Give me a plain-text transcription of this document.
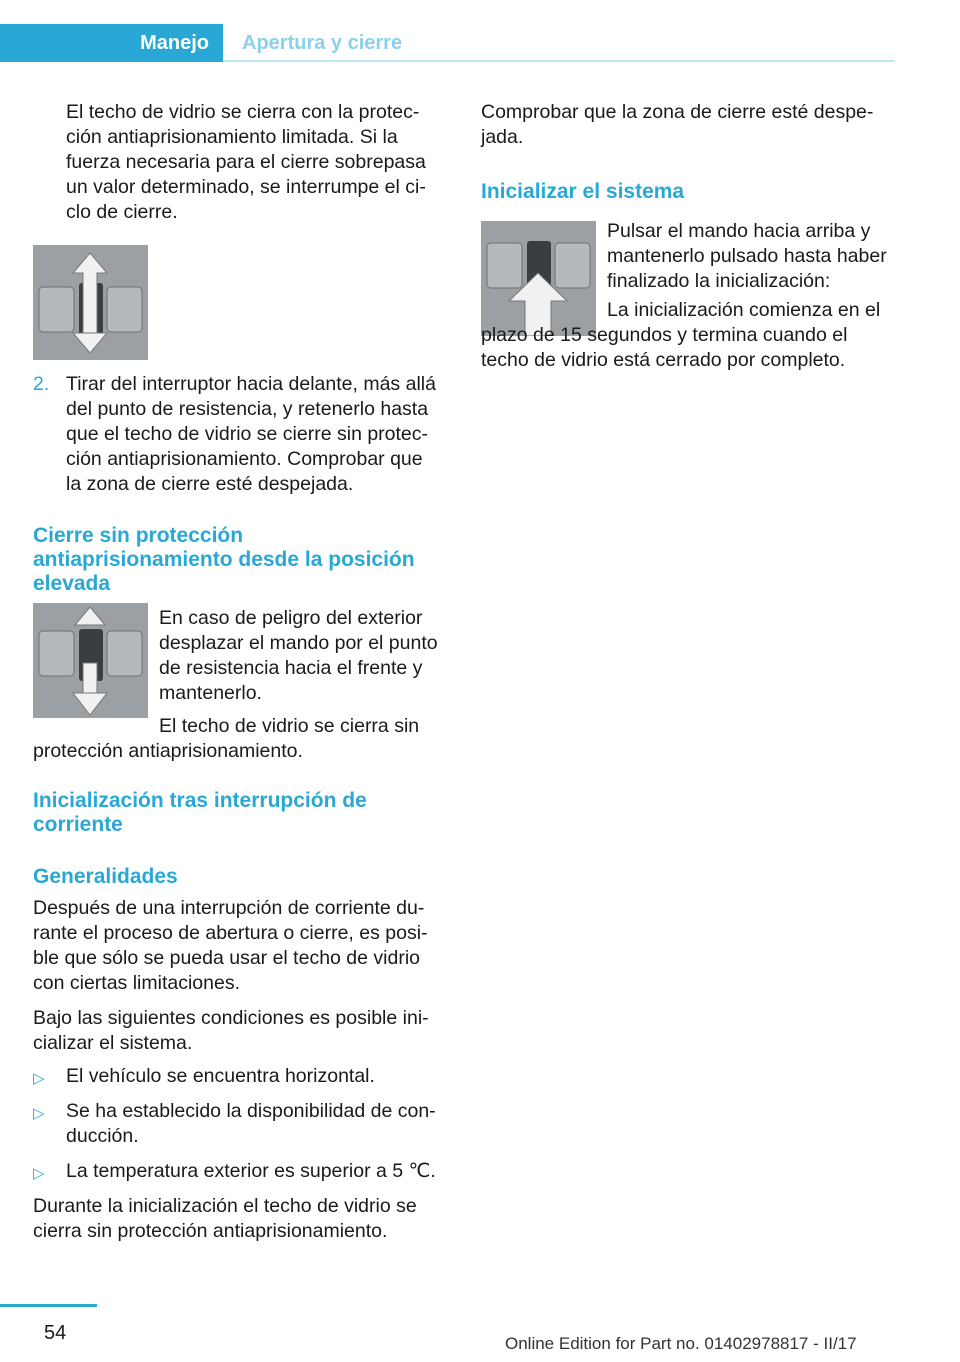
Manejo	Apertura y cierre

El techo de vidrio se cierra con la protec‐ción antiaprisionamiento limitada. Si la fuerza necesaria para el cierre sobrepasa un valor determinado, se interrumpe el ci‐clo de cierre.

2. Tirar del interruptor hacia delante, más allá del punto de resistencia, y retenerlo hasta que el techo de vidrio se cierre sin protec‐ción antiaprisionamiento. Comprobar que la zona de cierre esté despejada.

Cierre sin protección antiaprisionamiento desde la posición elevada

En caso de peligro del exterior desplazar el mando por el punto de resistencia hacia el frente y mantenerlo.

El techo de vidrio se cierra sin protección antiaprisionamiento.

Inicialización tras interrupción de corriente
Generalidades

Después de una interrupción de corriente du‐rante el proceso de abertura o cierre, es posi‐ble que sólo se pueda usar el techo de vidrio con ciertas limitaciones.

Bajo las siguientes condiciones es posible ini‐cializar el sistema.

▷	El vehículo se encuentra horizontal.

▷	Se ha establecido la disponibilidad de con‐ducción.

▷	La temperatura exterior es superior a 5 ℃.

Durante la inicialización el techo de vidrio se cierra sin protección antiaprisionamiento.

Comprobar que la zona de cierre esté despe‐jada.

Inicializar el sistema

Pulsar el mando hacia arriba y mantenerlo pulsado hasta haber finalizado la inicialización:

La inicialización comienza en el plazo de 15 segundos y termina cuando el techo de vidrio está cerrado por completo.

54	Online Edition for Part no. 01402978817 - II/17
